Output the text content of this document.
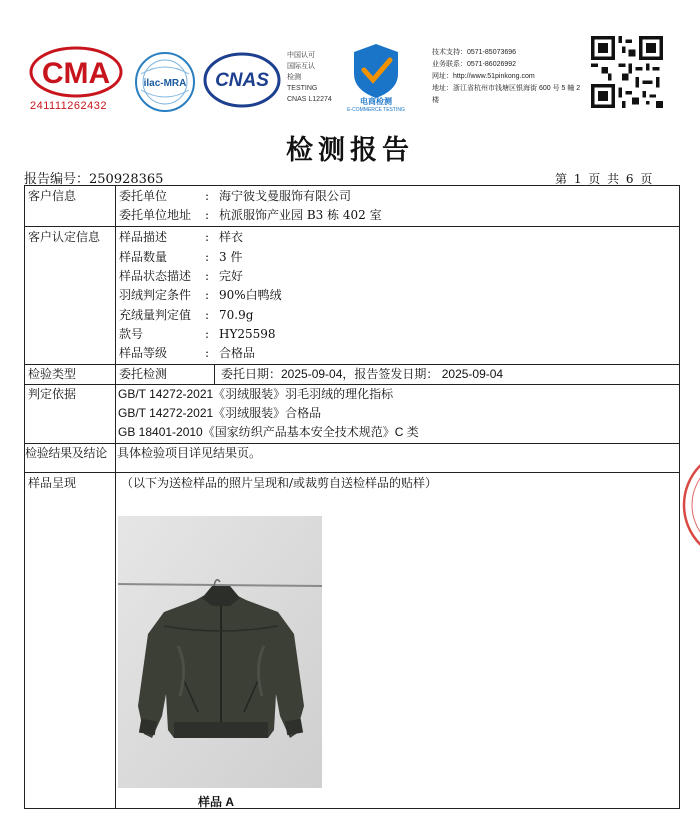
CMA
241111262432
ilac-MRA CNAS
中国认可
国际互认
检测
TESTING
CNAS L12274	电商检测
E-COMMERCE TESTING
技术支持：0571-85073696
业务联系：0571-86026992
网址：http://www.51pinkong.com
地址：浙江省杭州市钱塘区银海街 600 号 5 幢 2 楼
检测报告
报告编号：250928365	第 1 页 共 6 页
客户信息	委托单位	: 海宁彼戈曼服饰有限公司
委托单位地址 : 杭派服饰产业园 B3 栋 402 室
客户认定信息 样品描述	: 样衣
样品数量	: 3 件
样品状态描述 : 完好
羽绒判定条件 : 90%白鸭绒
充绒量判定值 : 70.9g
款号	: HY25598
样品等级	: 合格品
检验类型	委托检测	委托日期：2025-09-04，报告签发日期： 2025-09-04
判定依据	GB/T 14272-2021《羽绒服装》羽毛羽绒的理化指标
GB/T 14272-2021《羽绒服装》合格品
GB 18401-2010《国家纺织产品基本安全技术规范》C 类
检验结果及结论 具体检验项目详见结果页。
样品呈现	（以下为送检样品的照片呈现和/或裁剪自送检样品的贴样）
样品 A
